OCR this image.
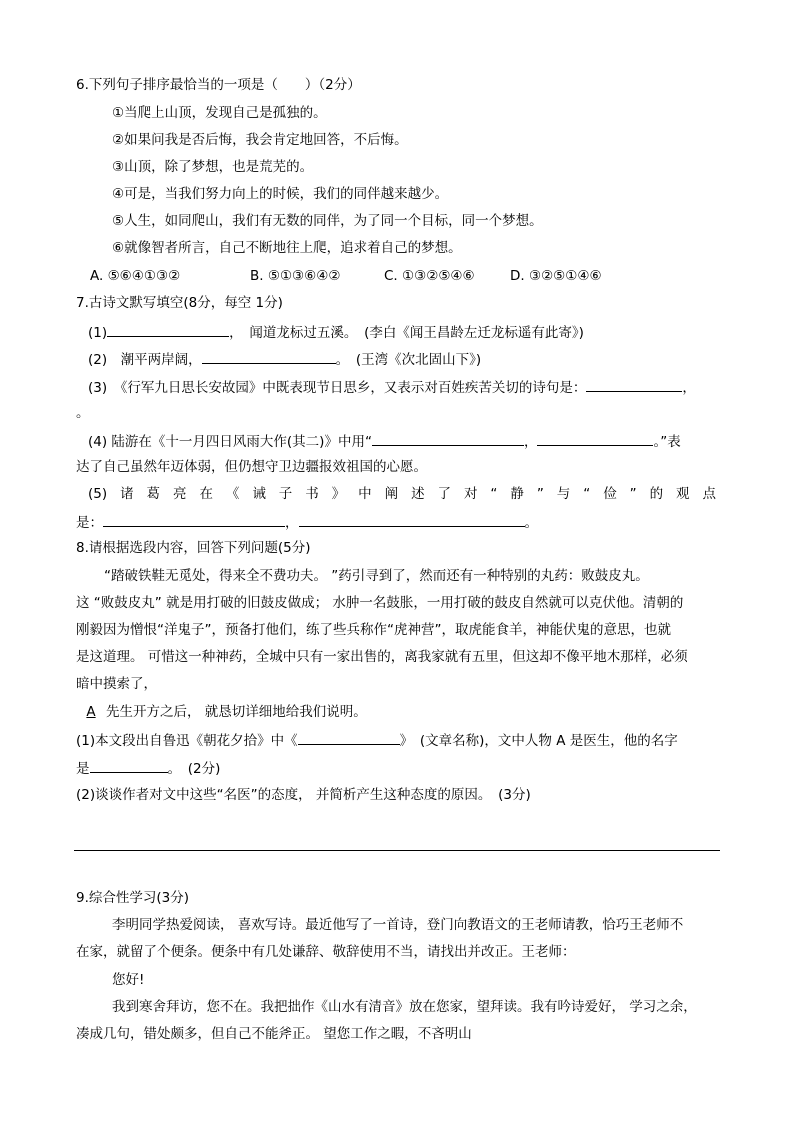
6.下列句子排序最恰当的一项是（　　）（2分）
①当爬上山顶，发现自己是孤独的。
②如果问我是否后悔，我会肯定地回答，不后悔。
③山顶，除了梦想，也是荒芜的。
④可是，当我们努力向上的时候，我们的同伴越来越少。
⑤人生，如同爬山，我们有无数的同伴，为了同一个目标，同一个梦想。
⑥就像智者所言，自己不断地往上爬，追求着自己的梦想。
A. ⑤⑥④①③②	B. ⑤①③⑥④②	C. ①③②⑤④⑥	D. ③②⑤①④⑥
7.古诗文默写填空(8分，每空 1分)
(1)	，　闻道龙标过五溪。　(李白《闻王昌龄左迁龙标遥有此寄》)
(2)　潮平两岸阔，	。　(王湾《次北固山下》)
(3)　《行军九日思长安故园》中既表现节日思乡，又表示对百姓疾苦关切的诗句是：	，
。
(4) 陆游在《十一月四日风雨大作(其二)》中用“	，	。”表
达了自己虽然年迈体弱，但仍想守卫边疆报效祖国的心愿。
(5) 诸 葛 亮 在 《 诫 子 书 》 中 阐 述 了 对 “ 静 ” 与 “ 俭 ” 的 观 点
是：	，	。
8.请根据选段内容，回答下列问题(5分)
“踏破铁鞋无觅处，得来全不费功夫。 ”药引寻到了，然而还有一种特别的丸药：败鼓皮丸。
这 “败鼓皮丸” 就是用打破的旧鼓皮做成； 水肿一名鼓胀，一用打破的鼓皮自然就可以克伏他。清朝的
刚毅因为憎恨“洋鬼子”，预备打他们，练了些兵称作“虎神营”，取虎能食羊，神能伏鬼的意思，也就
是这道理。 可惜这一种神药，全城中只有一家出售的，离我家就有五里，但这却不像平地木那样，必须
暗中摸索了，
A 先生开方之后， 就恳切详细地给我们说明。
(1)本文段出自鲁迅《朝花夕拾》中《	》　(文章名称)，文中人物 A 是医生，他的名字
是	。　(2分)
(2)谈谈作者对文中这些“名医”的态度， 并简析产生这种态度的原因。　(3分)
9.综合性学习(3分)
李明同学热爱阅读， 喜欢写诗。最近他写了一首诗，登门向教语文的王老师请教，恰巧王老师不
在家，就留了个便条。便条中有几处谦辞、敬辞使用不当，请找出并改正。王老师：
您好!
我到寒舍拜访，您不在。我把拙作《山水有清音》放在您家，望拜读。我有吟诗爱好， 学习之余，
凑成几句，错处颇多，但自己不能斧正。 望您工作之暇，不吝明山
